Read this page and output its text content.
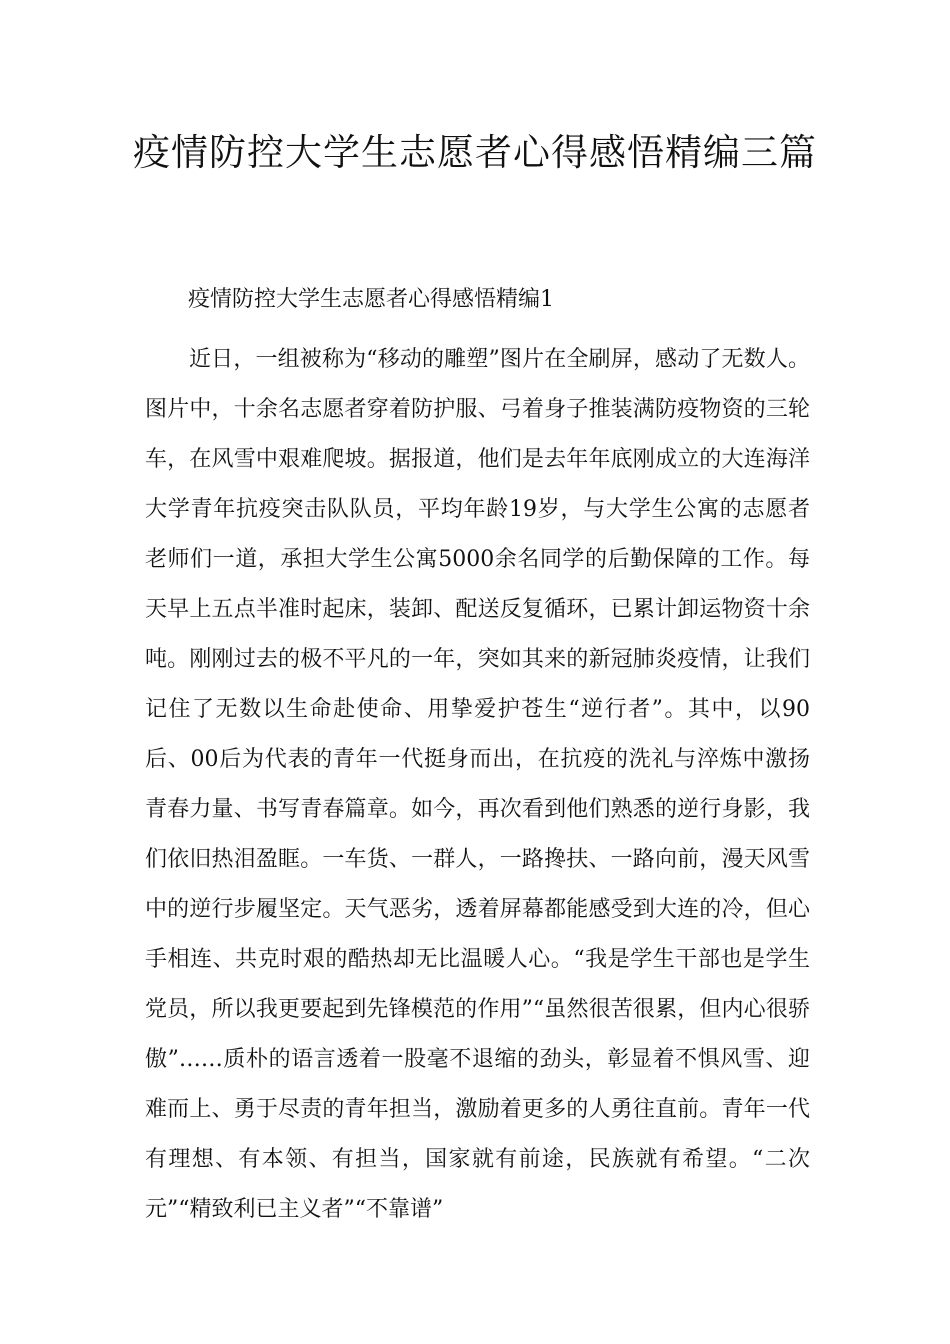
疫情防控大学生志愿者心得感悟精编三篇
疫情防控大学生志愿者心得感悟精编1

近日，一组被称为“移动的雕塑”图片在全刷屏，感动了无数人。图片中，十余名志愿者穿着防护服、弓着身子推装满防疫物资的三轮车，在风雪中艰难爬坡。据报道，他们是去年年底刚成立的大连海洋大学青年抗疫突击队队员，平均年龄19岁，与大学生公寓的志愿者老师们一道，承担大学生公寓5000余名同学的后勤保障的工作。每天早上五点半准时起床，装卸、配送反复循环，已累计卸运物资十余吨。刚刚过去的极不平凡的一年，突如其来的新冠肺炎疫情，让我们记住了无数以生命赴使命、用挚爱护苍生“逆行者”。其中，以90后、00后为代表的青年一代挺身而出，在抗疫的洗礼与淬炼中激扬青春力量、书写青春篇章。如今，再次看到他们熟悉的逆行身影，我们依旧热泪盈眶。一车货、一群人，一路搀扶、一路向前，漫天风雪中的逆行步履坚定。天气恶劣，透着屏幕都能感受到大连的冷，但心手相连、共克时艰的酷热却无比温暖人心。“我是学生干部也是学生党员，所以我更要起到先锋模范的作用”“虽然很苦很累，但内心很骄傲”……质朴的语言透着一股毫不退缩的劲头，彰显着不惧风雪、迎难而上、勇于尽责的青年担当，激励着更多的人勇往直前。青年一代有理想、有本领、有担当，国家就有前途，民族就有希望。“二次元”“精致利已主义者”“不靠谱”
